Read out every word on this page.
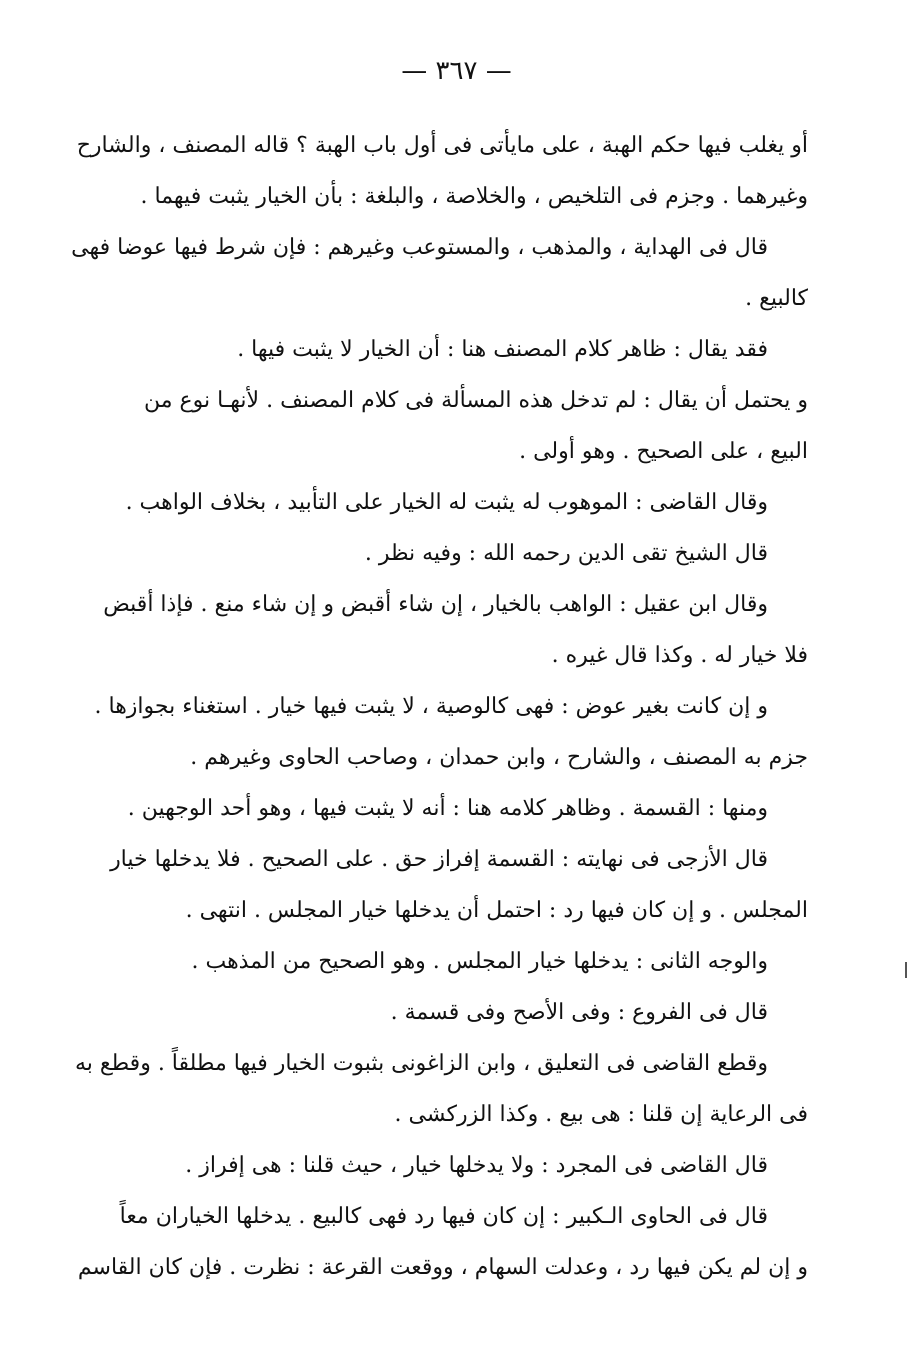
— ٣٦٧ —
أو يغلب فيها حكم الهبة ، على مايأتى فى أول باب الهبة ؟ قاله المصنف ، والشارح
وغيرهما . وجزم فى التلخيص ، والخلاصة ، والبلغة : بأن الخيار يثبت فيهما .
قال فى الهداية ، والمذهب ، والمستوعب وغيرهم : فإن شرط فيها عوضا فهى
كالبيع .
فقد يقال : ظاهر كلام المصنف هنا : أن الخيار لا يثبت فيها .
و يحتمل أن يقال : لم تدخل هذه المسألة فى كلام المصنف . لأنهـا نوع من
البيع ، على الصحيح . وهو أولى .
وقال القاضى : الموهوب له يثبت له الخيار على التأبيد ، بخلاف الواهب .
قال الشيخ تقى الدين رحمه الله : وفيه نظر .
وقال ابن عقيل : الواهب بالخيار ، إن شاء أقبض و إن شاء منع . فإذا أقبض
فلا خيار له . وكذا قال غيره .
و إن كانت بغير عوض : فهى كالوصية ، لا يثبت فيها خيار . استغناء بجوازها .
جزم به المصنف ، والشارح ، وابن حمدان ، وصاحب الحاوى وغيرهم .
ومنها : القسمة . وظاهر كلامه هنا : أنه لا يثبت فيها ، وهو أحد الوجهين .
قال الأزجى فى نهايته : القسمة إفراز حق . على الصحيح . فلا يدخلها خيار
المجلس . و إن كان فيها رد : احتمل أن يدخلها خيار المجلس . انتهى .
والوجه الثانى : يدخلها خيار المجلس . وهو الصحيح من المذهب .
قال فى الفروع : وفى الأصح وفى قسمة .
وقطع القاضى فى التعليق ، وابن الزاغونى بثبوت الخيار فيها مطلقاً . وقطع به
فى الرعاية إن قلنا : هى بيع . وكذا الزركشى .
قال القاضى فى المجرد : ولا يدخلها خيار ، حيث قلنا : هى إفراز .
قال فى الحاوى الـكبير : إن كان فيها رد فهى كالبيع . يدخلها الخياران معاً
و إن لم يكن فيها رد ، وعدلت السهام ، ووقعت القرعة : نظرت . فإن كان القاسم
